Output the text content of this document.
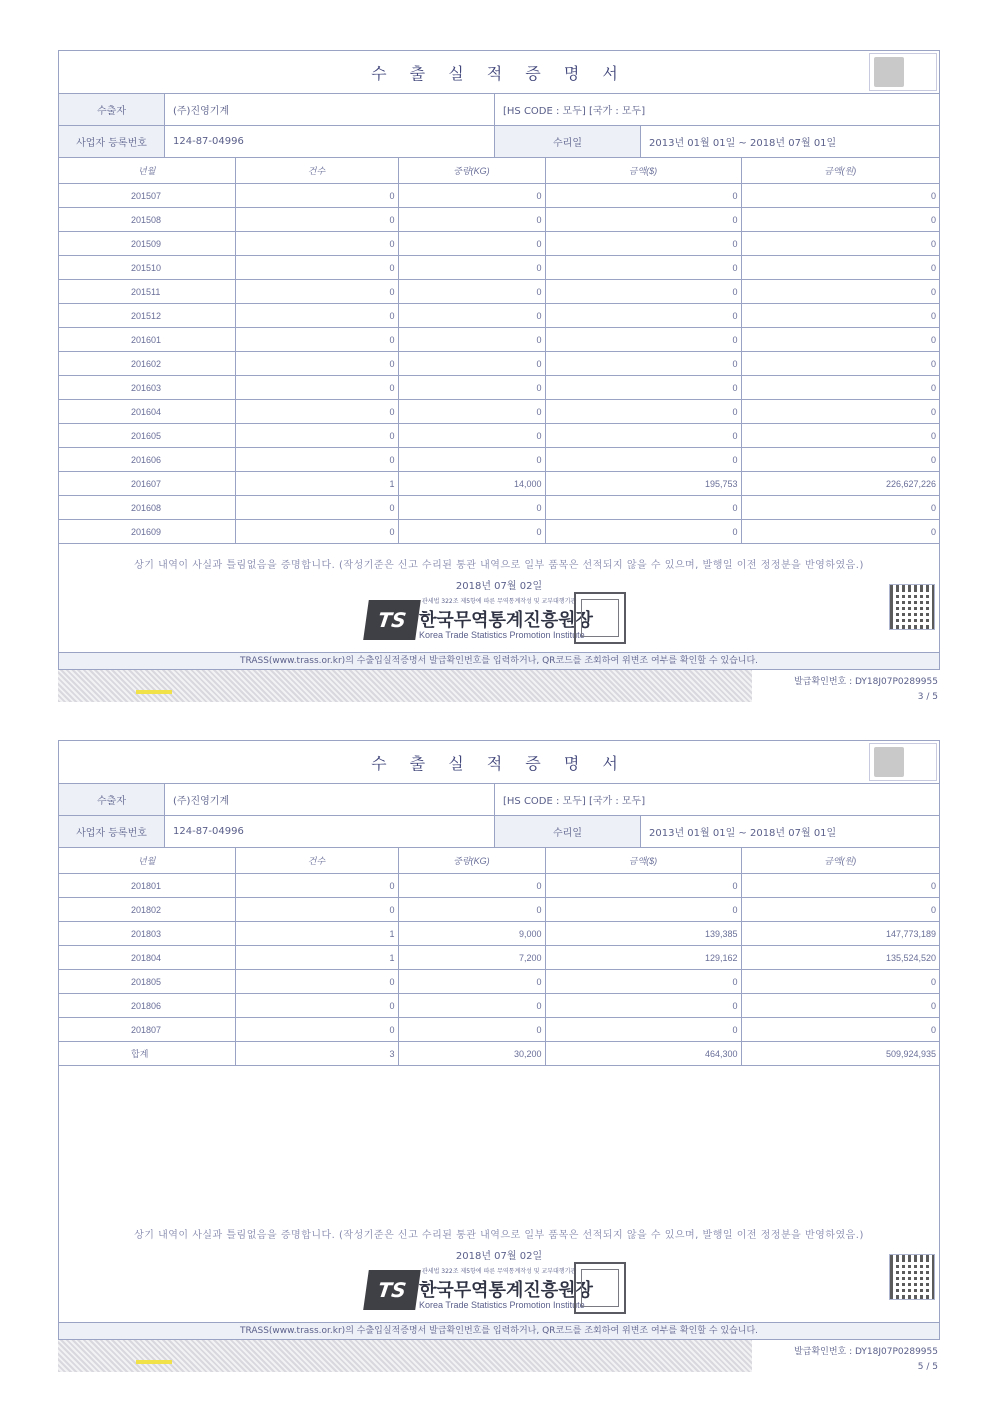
수 출 실 적 증 명 서
수출자	(주)진영기계	[HS CODE : 모두] [국가 : 모두]
사업자 등록번호	124-87-04996	수리일	2013년 01월 01일 ~ 2018년 07월 01일
년월	건수	중량(KG)	금액($)	금액(원)
201507	0	0	0	0
201508	0	0	0	0
201509	0	0	0	0
201510	0	0	0	0
201511	0	0	0	0
201512	0	0	0	0
201601	0	0	0	0
201602	0	0	0	0
201603	0	0	0	0
201604	0	0	0	0
201605	0	0	0	0
201606	0	0	0	0
201607	1	14,000	195,753	226,627,226
201608	0	0	0	0
201609	0	0	0	0
상기 내역이 사실과 틀림없음을 증명합니다. (작성기준은 신고 수리된 통관 내역으로 일부 품목은 선적되지 않을 수 있으며, 발행일 이전 정정분을 반영하였음.)
2018년 07월 02일
TS
관세법 322조 제5항에 따른 무역통계작성 및 교부대행기관
한국무역통계진흥원장
Korea Trade Statistics Promotion Institute
TRASS(www.trass.or.kr)의 수출입실적증명서 발급확인번호를 입력하거나, QR코드를 조회하여 위변조 여부를 확인할 수 있습니다.
발급확인번호 : DY18J07P0289955
3 / 5
수 출 실 적 증 명 서
수출자	(주)진영기계	[HS CODE : 모두] [국가 : 모두]
사업자 등록번호	124-87-04996	수리일	2013년 01월 01일 ~ 2018년 07월 01일
년월	건수	중량(KG)	금액($)	금액(원)
201801	0	0	0	0
201802	0	0	0	0
201803	1	9,000	139,385	147,773,189
201804	1	7,200	129,162	135,524,520
201805	0	0	0	0
201806	0	0	0	0
201807	0	0	0	0
합계	3	30,200	464,300	509,924,935
상기 내역이 사실과 틀림없음을 증명합니다. (작성기준은 신고 수리된 통관 내역으로 일부 품목은 선적되지 않을 수 있으며, 발행일 이전 정정분을 반영하였음.)
2018년 07월 02일
TS
관세법 322조 제5항에 따른 무역통계작성 및 교부대행기관
한국무역통계진흥원장
Korea Trade Statistics Promotion Institute
TRASS(www.trass.or.kr)의 수출입실적증명서 발급확인번호를 입력하거나, QR코드를 조회하여 위변조 여부를 확인할 수 있습니다.
발급확인번호 : DY18J07P0289955
5 / 5
